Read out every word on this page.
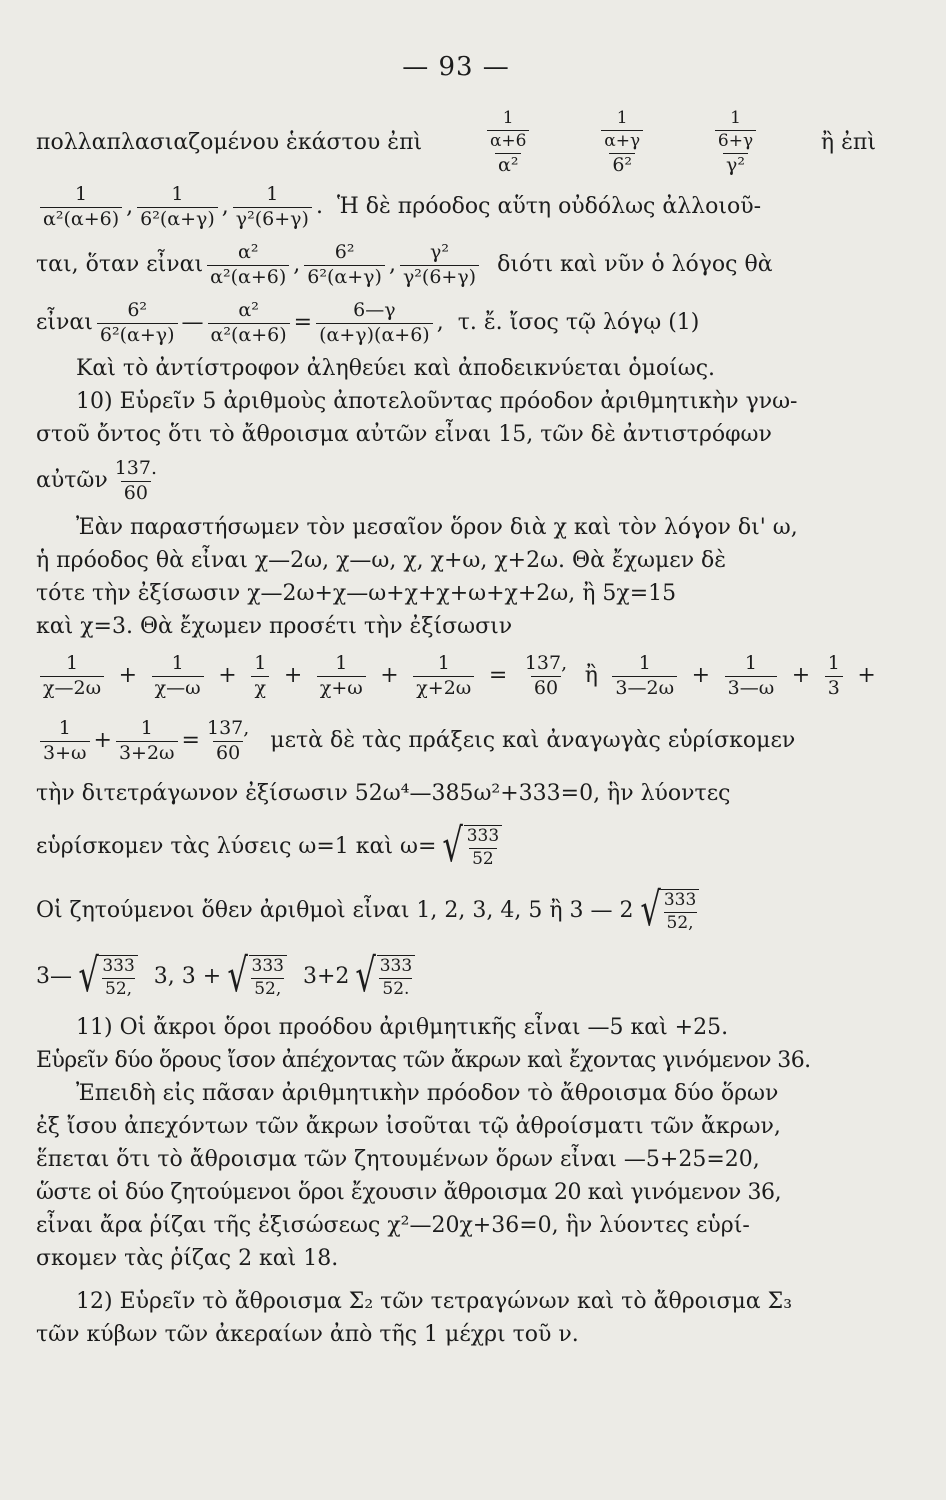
— 93 —
πολλαπλασιαζομένου ἑκάστου ἐπὶ	$\frac{\frac{1}{\alpha+6}}{\text{α²}}$	$\frac{\frac{1}{\alpha+\gamma}}{\text{6²}}$	$\frac{\frac{1}{6+\gamma}}{\text{γ²}}$	ἢ ἐπὶ
$\frac{1}{\text{α²(α+6)}}$ , $\frac{1}{\text{6²(α+γ)}}$ , $\frac{1}{\text{γ²(6+γ)}}$ . Ἡ δὲ πρόοδος αὕτη οὐδόλως ἀλλοιοῦ-
ται, ὅταν εἶναι $\frac{\text{α²}}{\text{α²(α+6)}}$ , $\frac{\text{6²}}{\text{6²(α+γ)}}$ , $\frac{\text{γ²}}{\text{γ²(6+γ)}}$ διότι καὶ νῦν ὁ λόγος θὰ
εἶναι $\frac{\text{6²}}{\text{6²(α+γ)}}$ — $\frac{\text{α²}}{\text{α²(α+6)}} = \frac{6—\gamma}{(\alpha+\gamma)(\alpha+6)}$ , τ. ἔ. ἴσος τῷ λόγῳ (1)
Καὶ τὸ ἀντίστροφον ἀληθεύει καὶ ἀποδεικνύεται ὁμοίως.
10) Εὑρεῖν 5 ἀριθμοὺς ἀποτελοῦντας πρόοδον ἀριθμητικὴν γνω-
στοῦ ὄντος ὅτι τὸ ἄθροισμα αὐτῶν εἶναι 15, τῶν δὲ ἀντιστρόφων
αὐτῶν $\frac{137.}{60}$
Ἐὰν παραστήσωμεν τὸν μεσαῖον ὅρον διὰ χ καὶ τὸν λόγον δι' ω,
ἡ πρόοδος θὰ εἶναι χ—2ω, χ—ω, χ, χ+ω, χ+2ω. Θὰ ἔχωμεν δὲ
τότε τὴν ἐξίσωσιν χ—2ω+χ—ω+χ+χ+ω+χ+2ω, ἢ 5χ=15
καὶ χ=3. Θὰ ἔχωμεν προσέτι τὴν ἐξίσωσιν
$\frac{1}{\chi—2\omega} + \frac{1}{\chi—\omega} + \frac{1}{\chi} + \frac{1}{\chi+\omega} + \frac{1}{\chi+2\omega} = \frac{137,}{60}$ ἢ $\frac{1}{3—2\omega} + \frac{1}{3—\omega} + \frac{1}{3}$ +
$\frac{1}{3+\omega} + \frac{1}{3+2\omega} = \frac{137,}{60}$ μετὰ δὲ τὰς πράξεις καὶ ἀναγωγὰς εὑρίσκομεν
τὴν διτετράγωνον ἐξίσωσιν 52ω⁴—385ω²+333=0, ἣν λύοντες
εὑρίσκομεν τὰς λύσεις ω=1 καὶ ω= √ $\frac{333}{52}$
Οἱ ζητούμενοι ὅθεν ἀριθμοὶ εἶναι 1, 2, 3, 4, 5 ἢ 3 — 2 √ $\frac{333}{52,}$
3— √ $\frac{333}{52,} 3$, 3 + √ $\frac{333}{52,} 3+2$ √ $\frac{333}{52.}$
11) Οἱ ἄκροι ὅροι προόδου ἀριθμητικῆς εἶναι —5 καὶ +25.
Εὑρεῖν δύο ὅρους ἴσον ἀπέχοντας τῶν ἄκρων καὶ ἔχοντας γινόμενον 36.
Ἐπειδὴ εἰς πᾶσαν ἀριθμητικὴν πρόοδον τὸ ἄθροισμα δύο ὅρων
ἐξ ἴσου ἀπεχόντων τῶν ἄκρων ἰσοῦται τῷ ἀθροίσματι τῶν ἄκρων,
ἕπεται ὅτι τὸ ἄθροισμα τῶν ζητουμένων ὅρων εἶναι —5+25=20,
ὥστε οἱ δύο ζητούμενοι ὅροι ἔχουσιν ἄθροισμα 20 καὶ γινόμενον 36,
εἶναι ἄρα ῥίζαι τῆς ἐξισώσεως χ²—20χ+36=0, ἣν λύοντες εὑρί-
σκομεν τὰς ῥίζας 2 καὶ 18.
12) Εὑρεῖν τὸ ἄθροισμα Σ₂ τῶν τετραγώνων καὶ τὸ ἄθροισμα Σ₃
τῶν κύβων τῶν ἀκεραίων ἀπὸ τῆς 1 μέχρι τοῦ ν.
